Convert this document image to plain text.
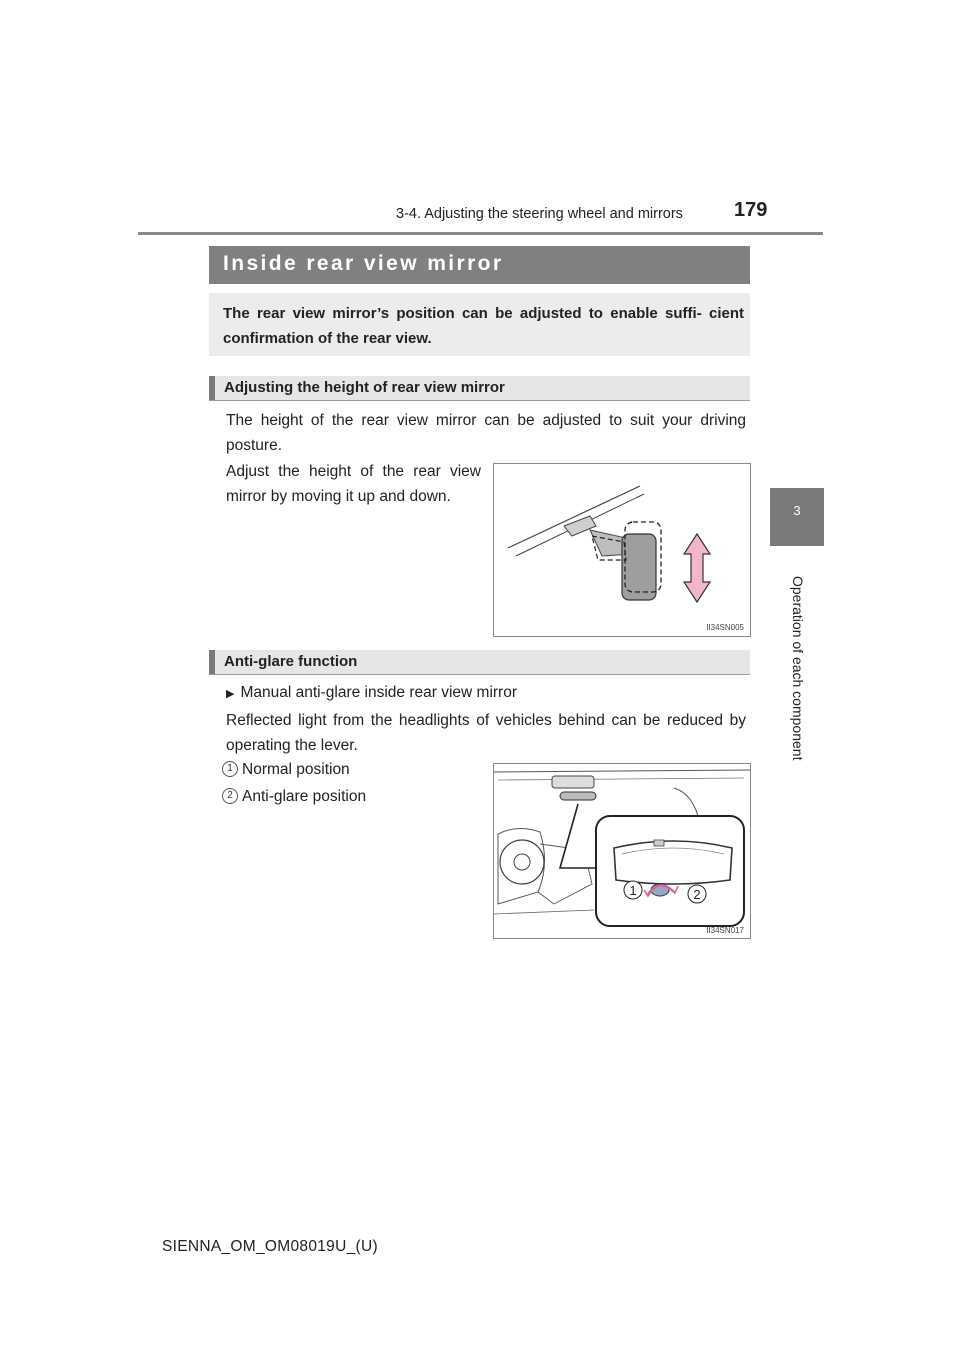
3-4. Adjusting the steering wheel and mirrors	179
3
Operation of each component
Inside rear view mirror
The rear view mirror’s position can be adjusted to enable suffi- cient confirmation of the rear view.
Adjusting the height of rear view mirror
The height of the rear view mirror can be adjusted to suit your driving posture.
Adjust the height of the rear view mirror by moving it up and down.
II34SN005
Anti-glare function
▶ Manual anti-glare inside rear view mirror
Reflected light from the headlights of vehicles behind can be reduced by operating the lever.
1 Normal position
2 Anti-glare position
1	2
II34SN017
SIENNA_OM_OM08019U_(U)
